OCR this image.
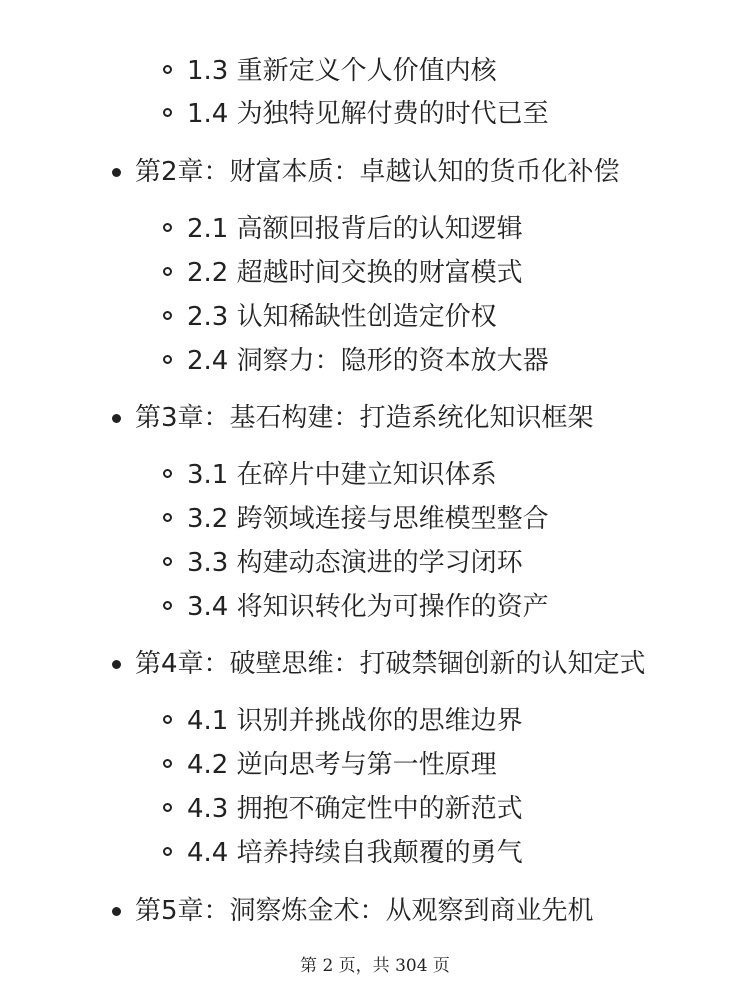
1.3 重新定义个人价值内核
1.4 为独特见解付费的时代已至
第2章：财富本质：卓越认知的货币化补偿
2.1 高额回报背后的认知逻辑
2.2 超越时间交换的财富模式
2.3 认知稀缺性创造定价权
2.4 洞察力：隐形的资本放大器
第3章：基石构建：打造系统化知识框架
3.1 在碎片中建立知识体系
3.2 跨领域连接与思维模型整合
3.3 构建动态演进的学习闭环
3.4 将知识转化为可操作的资产
第4章：破壁思维：打破禁锢创新的认知定式
4.1 识别并挑战你的思维边界
4.2 逆向思考与第一性原理
4.3 拥抱不确定性中的新范式
4.4 培养持续自我颠覆的勇气
第5章：洞察炼金术：从观察到商业先机
第 2 页，共 304 页
